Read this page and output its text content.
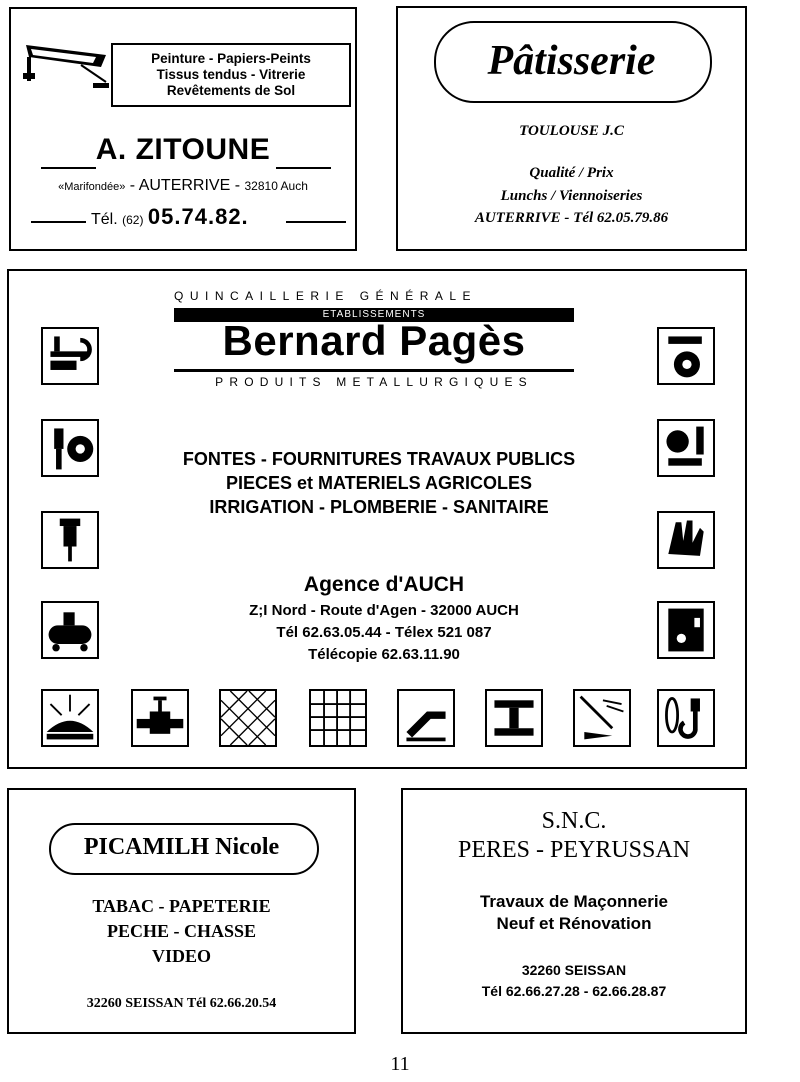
Peinture - Papiers-Peints
Tissus tendus - Vitrerie
Revêtements de Sol
A. ZITOUNE
«Marifondée» - AUTERRIVE - 32810 Auch
Tél. (62) 05.74.82.
Pâtisserie
TOULOUSE J.C
Qualité / Prix
Lunchs / Viennoiseries
AUTERRIVE - Tél 62.05.79.86
QUINCAILLERIE GÉNÉRALE
ETABLISSEMENTS
Bernard Pagès
PRODUITS METALLURGIQUES
FONTES - FOURNITURES TRAVAUX PUBLICS
PIECES et MATERIELS AGRICOLES
IRRIGATION - PLOMBERIE - SANITAIRE
Agence d'AUCH
Z;I Nord - Route d'Agen - 32000 AUCH
Tél 62.63.05.44 - Télex 521 087
Télécopie 62.63.11.90
PICAMILH Nicole
TABAC - PAPETERIE
PECHE - CHASSE
VIDEO
32260 SEISSAN Tél 62.66.20.54
S.N.C.
PERES - PEYRUSSAN
Travaux de Maçonnerie
Neuf et Rénovation
32260 SEISSAN
Tél 62.66.27.28 - 62.66.28.87
11
